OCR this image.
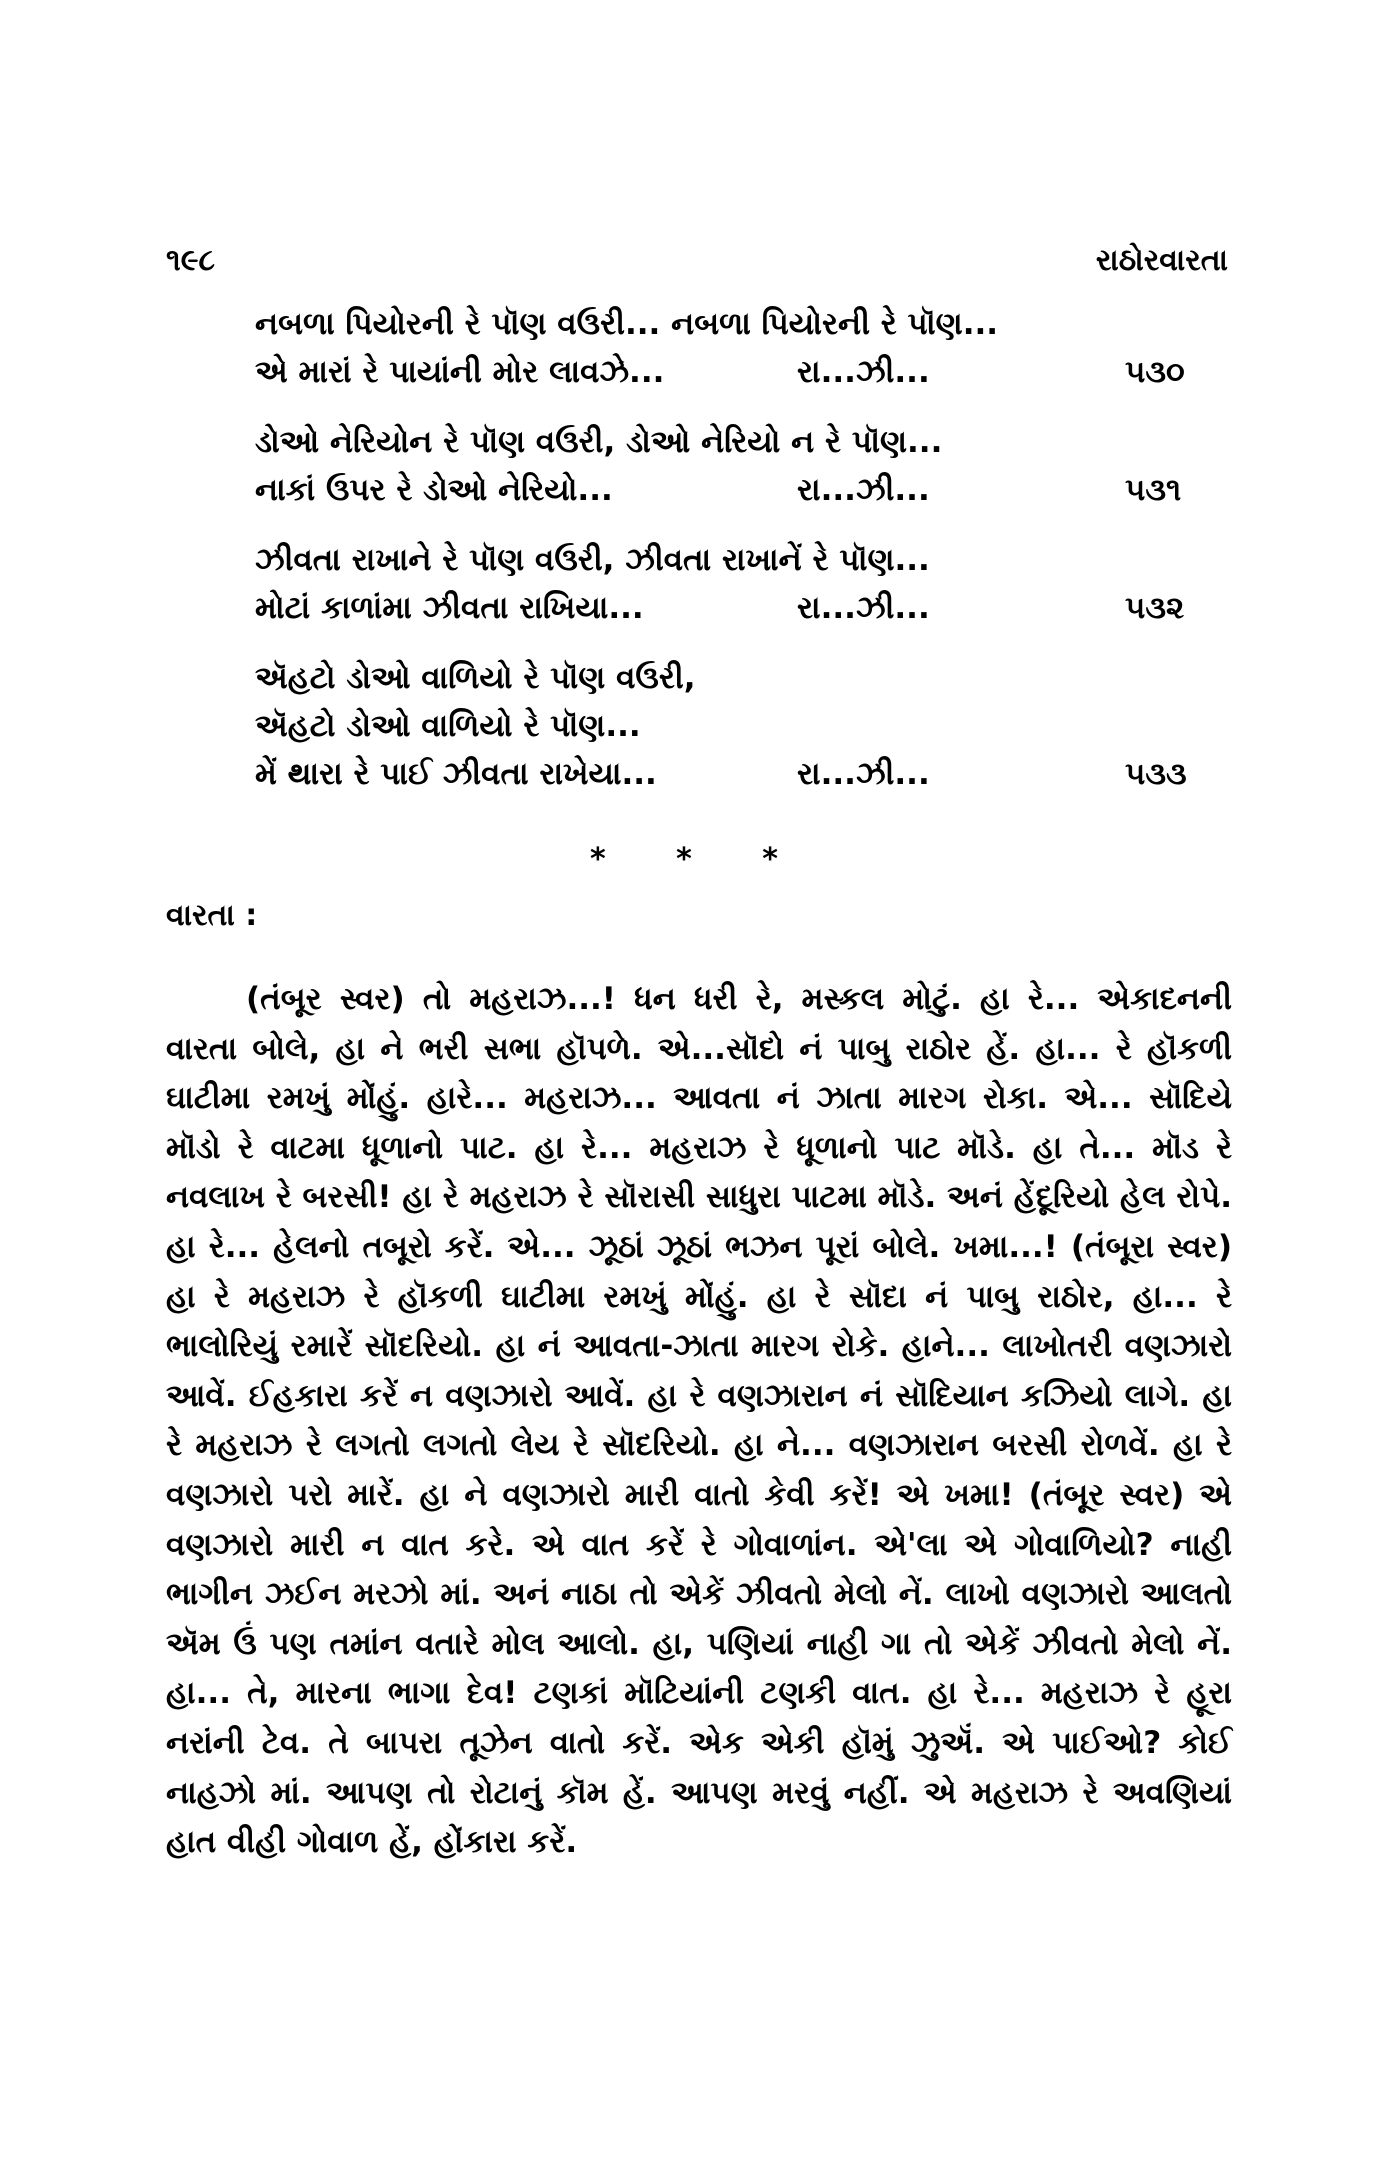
૧૯૮	રાઠોરવારતા
નબળા પિયોરની રે પૉણ વઉરી... નબળા પિયોરની રે પૉણ...
એ મારાં રે પાયાંની મોર લાવઝે...	રા...ઝી...	૫૩૦
ડોઓ નેરિયોન રે પૉણ વઉરી, ડોઓ નેરિયો ન રે પૉણ...
નાકાં ઉપર રે ડોઓ નેરિયો...	રા...ઝી...	૫૩૧
ઝીવતા રાખાને રે પૉણ વઉરી, ઝીવતા રાખાનેં રે પૉણ...
મોટાં કાળાંમા ઝીવતા રાખિયા...	રા...ઝી...	૫૩૨
ઍહટો ડોઓ વાળિયો રે પૉણ વઉરી,
ઍહટો ડોઓ વાળિયો રે પૉણ...
મેં થારા રે પાઈ ઝીવતા રાખેયા...	રા...ઝી...	૫૩૩
* * *
વારતા :

(તંબૂર સ્વર) તો મહરાઝ...! ધન ધરી રે, મસ્કલ મોટું. હા રે... એકાદનની વારતા બોલે, હા ને ભરી સભા હૉપળે. એ...સૉદો નં પાબુ રાઠોર હેં. હા... રે હૉકળી ઘાટીમા રમખું મોંહું. હારે... મહરાઝ... આવતા નં ઝાતા મારગ રોકા. એ... સૉદિયે મૉડો રે વાટમા ધૂળાનો પાટ. હા રે... મહરાઝ રે ધૂળાનો પાટ મૉડે. હા તે... મૉડ રે નવલાખ રે બરસી! હા રે મહરાઝ રે સૉરાસી સાધુરા પાટમા મૉડે. અનં હેંદૂરિયો હેલ રોપે. હા રે... હેલનો તબૂરો કરેં. એ... ઝૂઠાં ઝૂઠાં ભઝન પૂરાં બોલે. ખમા...! (તંબૂરા સ્વર) હા રે મહરાઝ રે હૉકળી ઘાટીમા રમખું મોંહું. હા રે સૉદા નં પાબુ રાઠોર, હા... રે ભાલોરિયું રમારેં સૉદરિયો. હા નં આવતા-ઝાતા મારગ રોકે. હાને... લાખોતરી વણઝારો આવેં. ઈહકારા કરેં ન વણઝારો આવેં. હા રે વણઝારાન નં સૉદિયાન કઝિયો લાગે. હા રે મહરાઝ રે લગતો લગતો લેય રે સૉદરિયો. હા ને... વણઝારાન બરસી રોળવેં. હા રે વણઝારો પરો મારેં. હા ને વણઝારો મારી વાતો કેવી કરેં! એ ખમા! (તંબૂર સ્વર) એ વણઝારો મારી ન વાત કરે. એ વાત કરેં રે ગોવાળાંન. એ'લા એ ગોવાળિયો? નાહી ભાગીન ઝઈન મરઝો માં. અનં નાઠા તો એકેં ઝીવતો મેલો નેં. લાખો વણઝારો આલતો ઍમ ઉં પણ તમાંન વતારે મોલ આલો. હા, પણિયાં નાહી ગા તો એકેં ઝીવતો મેલો નેં. હા... તે, મારના ભાગા દેવ! ટણકાં મૉટિયાંની ટણકી વાત. હા રે... મહરાઝ રે હૂરા નરાંની ટેવ. તે બાપરા તૂઝેન વાતો કરેં. એક એકી હૉમું ઝુઍં. એ પાઈઓ? કોઈ નાહઝો માં. આપણ તો રોટાનું કૉમ હેં. આપણ મરવું નહીં. એ મહરાઝ રે અવણિયાં હાત વીહી ગોવાળ હેં, હોંકારા કરેં.
